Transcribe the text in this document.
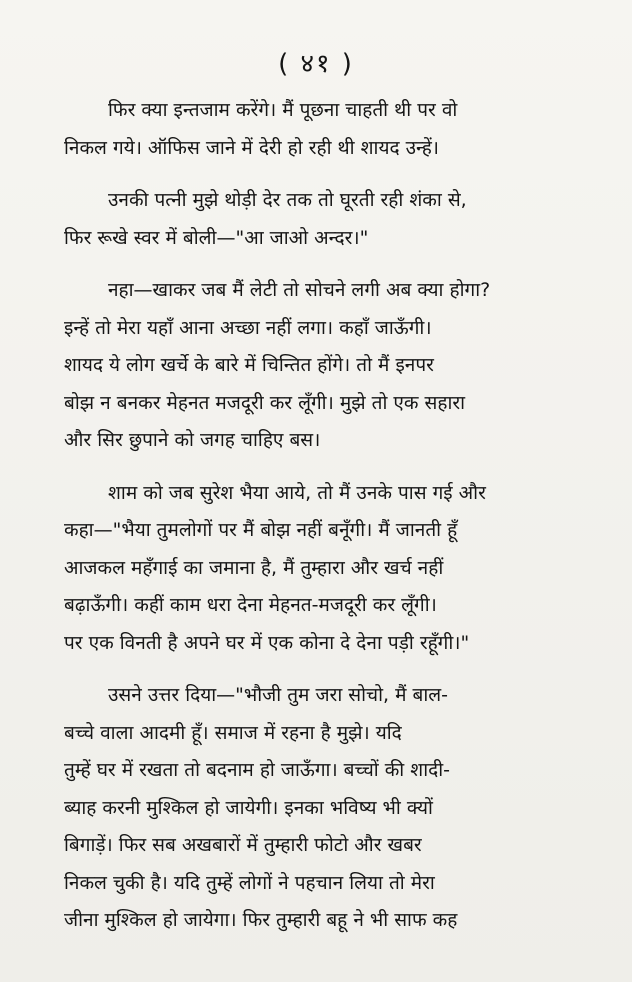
( ४१ )

फिर क्या इन्तजाम करेंगे। मैं पूछना चाहती थी पर वो
निकल गये। ऑफिस जाने में देरी हो रही थी शायद उन्हें।

उनकी पत्नी मुझे थोड़ी देर तक तो घूरती रही शंका से,
फिर रूखे स्वर में बोली—"आ जाओ अन्दर।"

नहा—खाकर जब मैं लेटी तो सोचने लगी अब क्या होगा?
इन्हें तो मेरा यहाँ आना अच्छा नहीं लगा। कहाँ जाऊँगी।
शायद ये लोग खर्चे के बारे में चिन्तित होंगे। तो मैं इनपर
बोझ न बनकर मेहनत मजदूरी कर लूँगी। मुझे तो एक सहारा
और सिर छुपाने को जगह चाहिए बस।

शाम को जब सुरेश भैया आये, तो मैं उनके पास गई और
कहा—"भैया तुमलोगों पर मैं बोझ नहीं बनूँगी। मैं जानती हूँ
आजकल महँगाई का जमाना है, मैं तुम्हारा और खर्च नहीं
बढ़ाऊँगी। कहीं काम धरा देना मेहनत-मजदूरी कर लूँगी।
पर एक विनती है अपने घर में एक कोना दे देना पड़ी रहूँगी।"

उसने उत्तर दिया—"भौजी तुम जरा सोचो, मैं बाल-
बच्चे वाला आदमी हूँ। समाज में रहना है मुझे। यदि
तुम्हें घर में रखता तो बदनाम हो जाऊँगा। बच्चों की शादी-
ब्याह करनी मुश्किल हो जायेगी। इनका भविष्य भी क्यों
बिगाड़ें। फिर सब अखबारों में तुम्हारी फोटो और खबर
निकल चुकी है। यदि तुम्हें लोगों ने पहचान लिया तो मेरा
जीना मुश्किल हो जायेगा। फिर तुम्हारी बहू ने भी साफ कह
